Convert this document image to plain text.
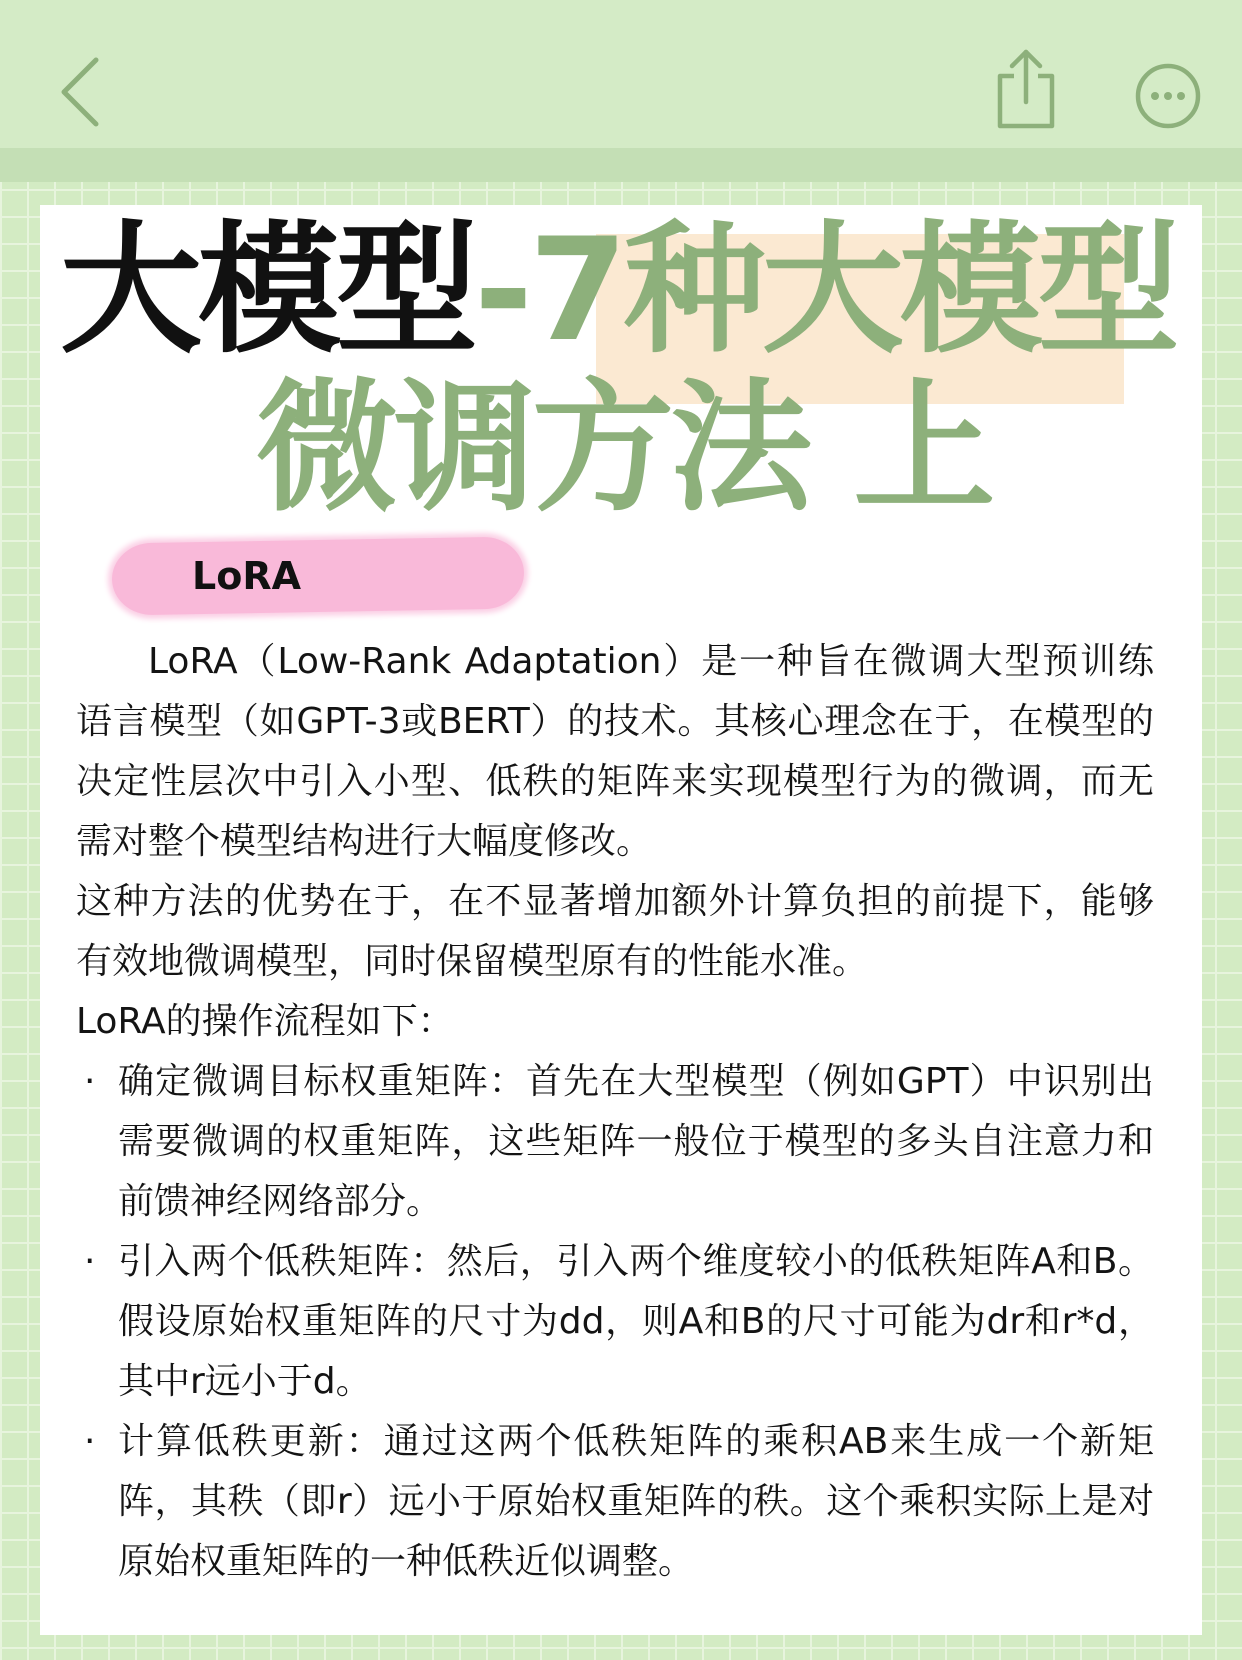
大模型-7种大模型
微调方法 上
LoRA

LoRA（Low-Rank Adaptation）是一种旨在微调大型预训练语言模型（如GPT-3或BERT）的技术。其核心理念在于，在模型的决定性层次中引入小型、低秩的矩阵来实现模型行为的微调，而无需对整个模型结构进行大幅度修改。

这种方法的优势在于，在不显著增加额外计算负担的前提下，能够有效地微调模型，同时保留模型原有的性能水准。

LoRA的操作流程如下：

· 确定微调目标权重矩阵：首先在大型模型（例如GPT）中识别出需要微调的权重矩阵，这些矩阵一般位于模型的多头自注意力和前馈神经网络部分。
· 引入两个低秩矩阵：然后，引入两个维度较小的低秩矩阵A和B。假设原始权重矩阵的尺寸为dd，则A和B的尺寸可能为dr和r*d，其中r远小于d。
· 计算低秩更新：通过这两个低秩矩阵的乘积AB来生成一个新矩阵，其秩（即r）远小于原始权重矩阵的秩。这个乘积实际上是对原始权重矩阵的一种低秩近似调整。
